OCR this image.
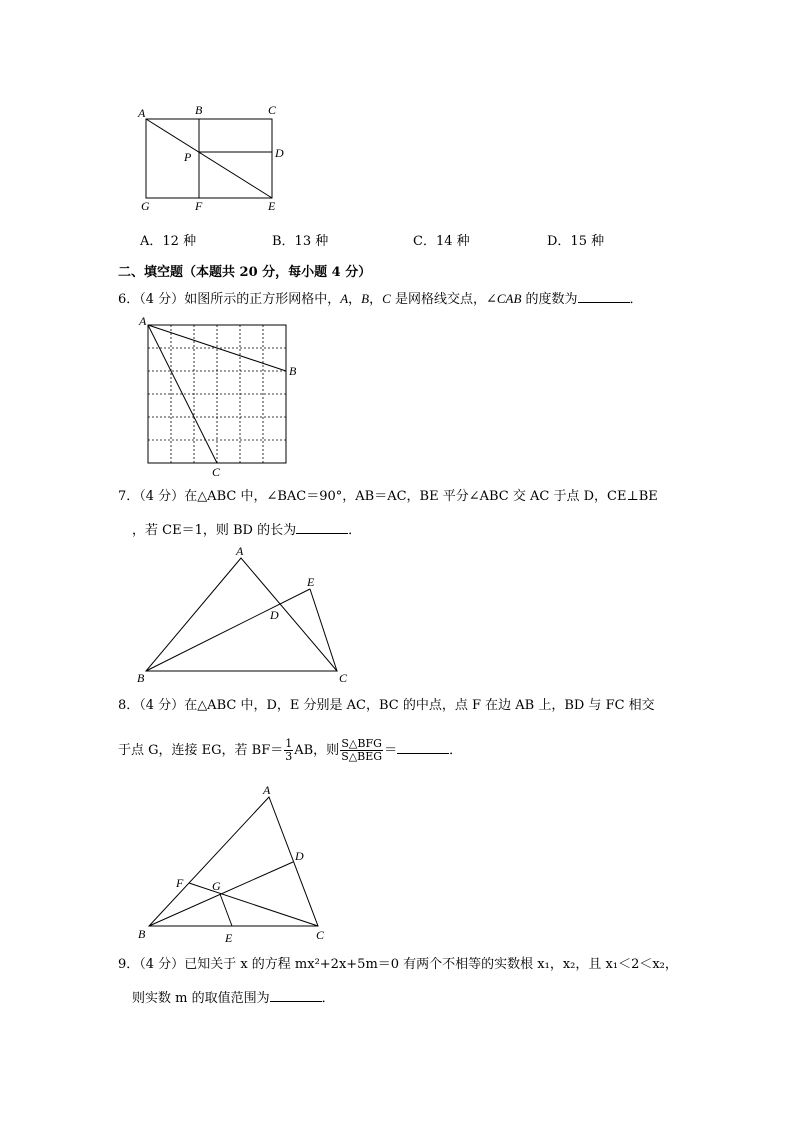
A	B	C
D
P
G	F	E
A．12 种	B．13 种	C．14 种	D．15 种
二、填空题（本题共 20 分，每小题 4 分）
6．（4 分）如图所示的正方形网格中，A，B，C 是网格线交点，∠CAB 的度数为	．
A
B
C
7．（4 分）在△ABC 中，∠BAC＝90°，AB＝AC，BE 平分∠ABC 交 AC 于点 D，CE⊥BE
，若 CE＝1，则 BD 的长为	．
A
B	C
D
E
8．（4 分）在△ABC 中，D，E 分别是 AC，BC 的中点，点 F 在边 AB 上，BD 与 FC 相交
于点 G，连接 EG，若 $BF= \frac{1}{3}$ AB，则 $\frac{\text{S△BFG}}{\text{S△BEG}}$ ＝	．
A
B	C
D
E
F G
9．（4 分）已知关于 x 的方程 mx²+2x+5m＝0 有两个不相等的实数根 x₁，x₂，且 x₁＜2＜x₂，
则实数 m 的取值范围为	．
